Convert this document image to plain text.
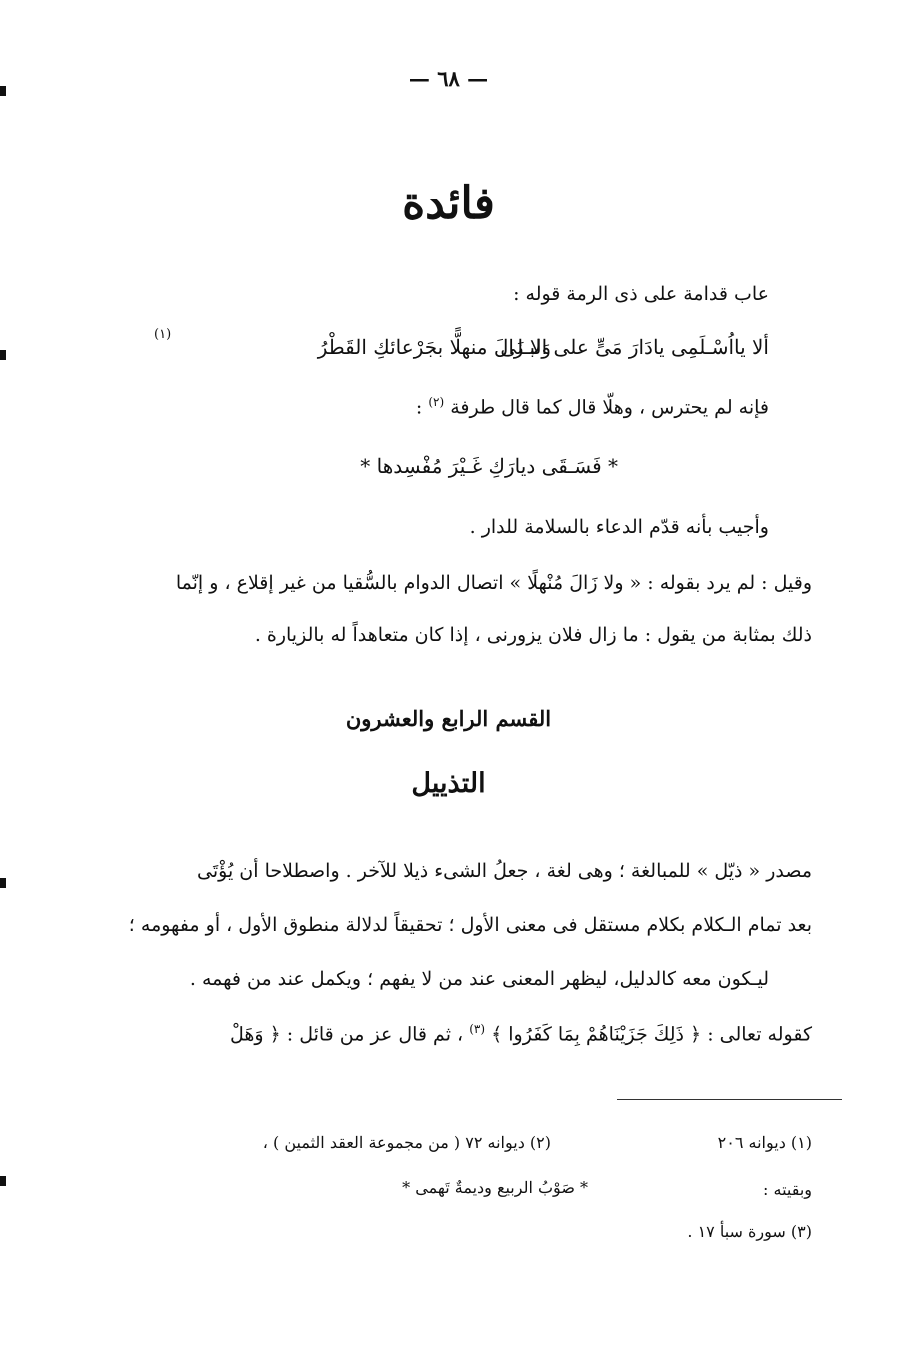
— ٦٨ —
فائدة
عاب قدامة على ذى الرمة قوله :
ألا يااُسْـلَمِى يادَارَ مَىٍّ على البـلى
وَلا زَالَ منهلًّا بجَرْعائكِ القَطْرُ
(١)
فإنه لم يحترس ، وهلّا قال كما قال طرفة $^{(٢)}$ :
* فَسَـقَى ديارَكِ غَـيْرَ مُفْسِدها *
وأجيب بأنه قدّم الدعاء بالسلامة للدار .
وقيل : لم يرد بقوله : « ولا زَالَ مُنْهلًا » اتصال الدوام بالسُّقيا من غير إقلاع ، و إنّما
ذلك بمثابة من يقول : ما زال فلان يزورنى ، إذا كان متعاهداً له بالزيارة .
القسم الرابع والعشرون
التذييل
مصدر « ذيّل » للمبالغة ؛ وهى لغة ، جعلُ الشىء ذيلا للآخر . واصطلاحا أن يُؤْتَى
بعد تمام الـكلام بكلام مستقل فى معنى الأول ؛ تحقيقاً لدلالة منطوق الأول ، أو مفهومه ؛
ليـكون معه كالدليل، ليظهر المعنى عند من لا يفهم ؛ ويكمل عند من فهمه .
كقوله تعالى : ﴿ ذَلِكَ جَزَيْنَاهُمْ بِمَا كَفَرُوا ﴾ $^{(٣)}$ ، ثم قال عز من قائل : ﴿ وَهَلْ
(١) ديوانه ٢٠٦
(٢) ديوانه ٧٢ ( من مجموعة العقد الثمين ) ،
وبقيته :
* صَوْبُ الربيع وديمةٌ تَهمى *
(٣) سورة سبأ ١٧ .
